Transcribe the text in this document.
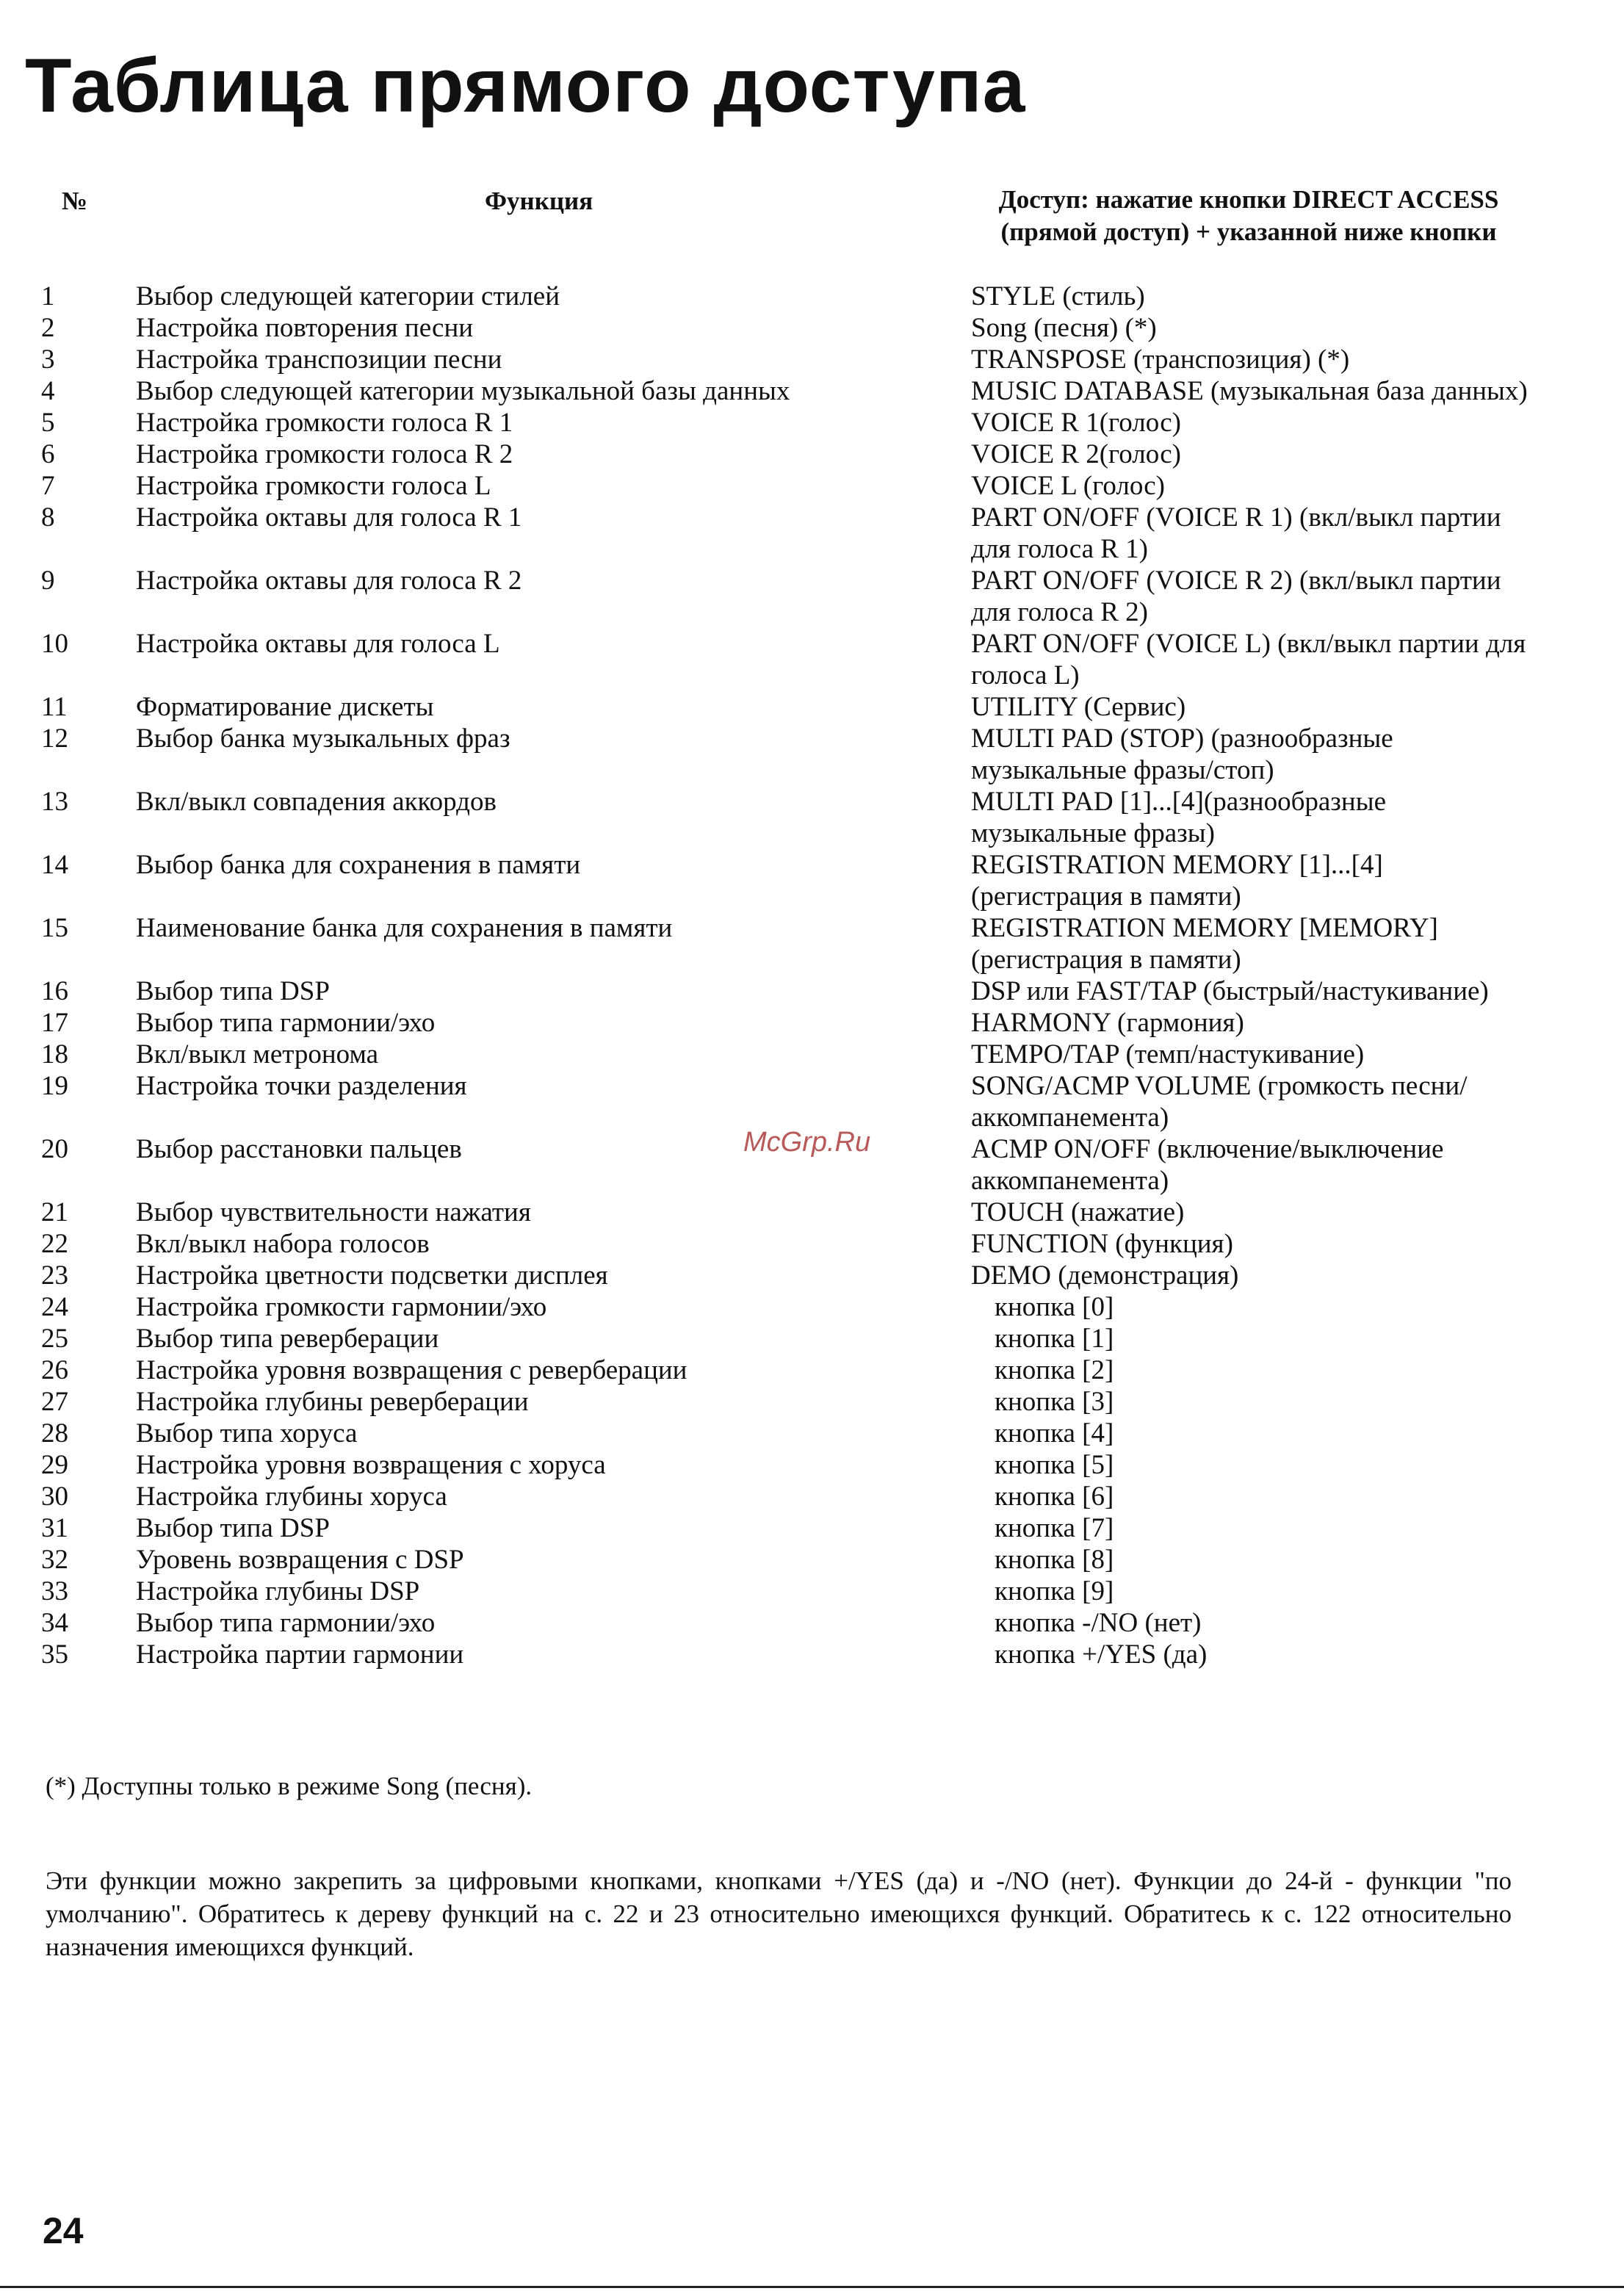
Таблица прямого доступа
№	Функция	Доступ: нажатие кнопки DIRECT ACCESS (прямой доступ) + указанной ниже кнопки
1	Выбор следующей категории стилей	STYLE (стиль)
2	Настройка повторения песни	Song (песня) (*)
3	Настройка транспозиции песни	TRANSPOSE (транспозиция) (*)
4	Выбор следующей категории музыкальной базы данных	MUSIC DATABASE (музыкальная база данных)
5	Настройка громкости голоса R 1	VOICE R 1(голос)
6	Настройка громкости голоса R 2	VOICE R 2(голос)
7	Настройка громкости голоса L	VOICE L (голос)
8	Настройка октавы для голоса R 1	PART ON/OFF (VOICE R 1) (вкл/выкл партии для голоса R 1)
9	Настройка октавы для голоса R 2	PART ON/OFF (VOICE R 2) (вкл/выкл партии для голоса R 2)
10 Настройка октавы для голоса L	PART ON/OFF (VOICE L) (вкл/выкл партии для голоса L)
11	Форматирование дискеты	UTILITY (Сервис)
12 Выбор банка музыкальных фраз	MULTI PAD (STOP) (разнообразные музыкальные фразы/стоп)
13 Вкл/выкл совпадения аккордов	MULTI PAD [1]...[4](разнообразные музыкальные фразы)
14 Выбор банка для сохранения в памяти	REGISTRATION MEMORY [1]...[4] (регистрация в памяти)
15 Наименование банка для сохранения в памяти	REGISTRATION MEMORY [MEMORY] (регистрация в памяти)
16 Выбор типа DSP	DSP или FAST/TAP (быстрый/настукивание)
17 Выбор типа гармонии/эхо	HARMONY (гармония)
18 Вкл/выкл метронома	TEMPO/TAP (темп/настукивание)
19 Настройка точки разделения	SONG/ACMP VOLUME (громкость песни/аккомпанемента)
20 Выбор расстановки пальцев	ACMP ON/OFF (включение/выключение аккомпанемента)
21 Выбор чувствительности нажатия	TOUCH (нажатие)
22 Вкл/выкл набора голосов	FUNCTION (функция)
23 Настройка цветности подсветки дисплея	DEMO (демонстрация)
24 Настройка громкости гармонии/эхо	кнопка [0]
25 Выбор типа реверберации	кнопка [1]
26 Настройка уровня возвращения с реверберации	кнопка [2]
27 Настройка глубины реверберации	кнопка [3]
28 Выбор типа хоруса	кнопка [4]
29 Настройка уровня возвращения с хоруса	кнопка [5]
30 Настройка глубины хоруса	кнопка [6]
31 Выбор типа DSP	кнопка [7]
32 Уровень возвращения с DSP	кнопка [8]
33 Настройка глубины DSP	кнопка [9]
34 Выбор типа гармонии/эхо	кнопка -/NO (нет)
35 Настройка партии гармонии	кнопка +/YES (да)
McGrp.Ru
(*) Доступны только в режиме Song (песня).
Эти функции можно закрепить за цифровыми кнопками, кнопками +/YES (да) и -/NO (нет). Функции до 24-й - функции "по умолчанию". Обратитесь к дереву функций на с. 22 и 23 относительно имеющихся функций. Обратитесь к с. 122 относительно назначения имеющихся функций.
24
